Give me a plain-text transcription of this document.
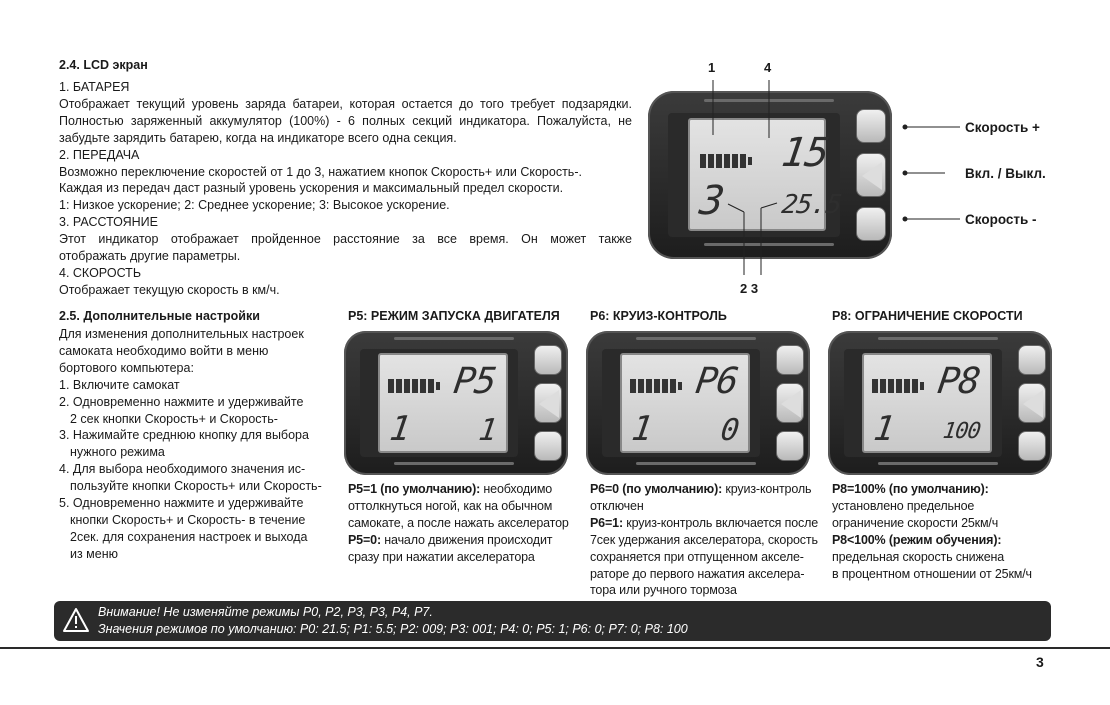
2.4. LCD экран
1. БАТАРЕЯ
Отображает текущий уровень заряда батареи, которая остается до того требует подзарядки.
Полностью заряженный аккумулятор (100%) - 6 полных секций индикатора. Пожалуйста, не
забудьте зарядить батарею, когда на индикаторе всего одна секция.
2. ПЕРЕДАЧА
Возможно переключение скоростей от 1 до 3, нажатием кнопок Скорость+ или Скорость-.
Каждая из передач даст разный уровень ускорения и максимальный предел скорости.
1: Низкое ускорение; 2: Среднее ускорение; 3: Высокое ускорение.
3. РАССТОЯНИЕ
Этот индикатор отображает пройденное расстояние за все время. Он может также
отображать другие параметры.
4. СКОРОСТЬ
Отображает текущую скорость в км/ч.
1	4
2 3
15
3 25.5
Скорость +
Вкл. / Выкл.
Скорость -
2.5. Дополнительные настройки
Для изменения дополнительных настроек
самоката необходимо войти в меню
бортового компьютера:
1. Включите самокат
2. Одновременно нажмите и удерживайте
2 сек кнопки Скорость+ и Скорость-
3. Нажимайте среднюю кнопку для выбора
нужного режима
4. Для выбора необходимого значения ис-
пользуйте кнопки Скорость+ или Скорость-
5. Одновременно нажмите и удерживайте
кнопки Скорость+ и Скорость- в течение
2сек. для сохранения настроек и выхода
из меню
P5: РЕЖИМ ЗАПУСКА ДВИГАТЕЛЯ P6: КРУИЗ-КОНТРОЛЬ	P8: ОГРАНИЧЕНИЕ СКОРОСТИ
P5
1 1
P6
1 0
P8
1 100
P5=1 (по умолчанию): необходимо
оттолкнуться ногой, как на обычном
самокате, а после нажать акселератор
P5=0: начало движения происходит
сразу при нажатии акселератора
P6=0 (по умолчанию): круиз-контроль
отключен
P6=1: круиз-контроль включается после
7сек удержания акселератора, скорость
сохраняется при отпущенном акселе-
раторе до первого нажатия акселера-
тора или ручного тормоза
P8=100% (по умолчанию):
установлено предельное
ограничение скорости 25км/ч
P8<100% (режим обучения):
предельная скорость снижена
в процентном отношении от 25км/ч
Внимание! Не изменяйте режимы P0, P2, P3, P3, P4, P7.
Значения режимов по умолчанию: P0: 21.5; P1: 5.5; P2: 009; P3: 001; P4: 0; P5: 1; P6: 0; P7: 0; P8: 100
3
